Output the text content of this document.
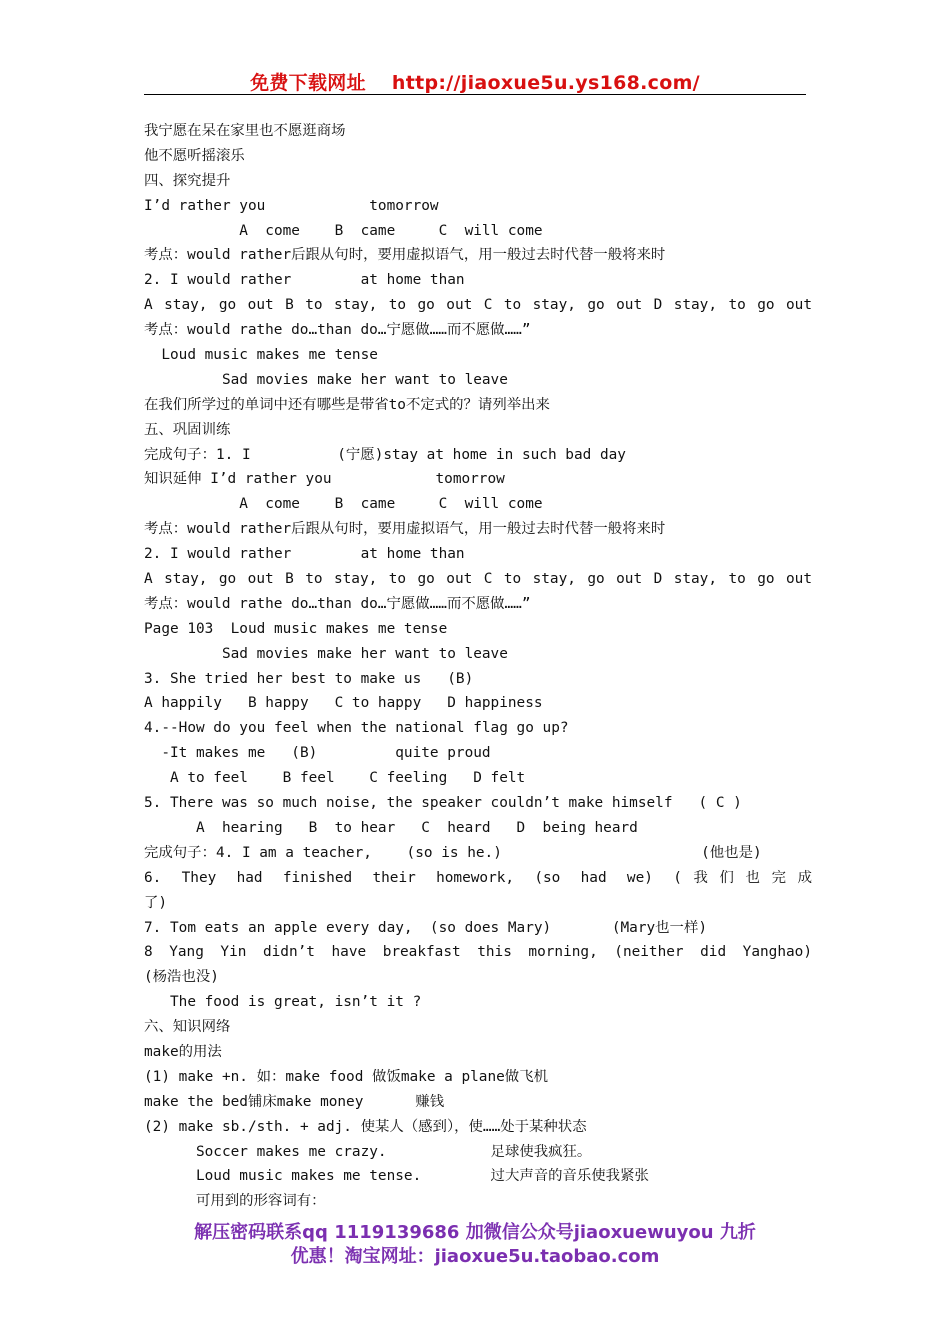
免费下载网址 http://jiaoxue5u.ys168.com/
我宁愿在呆在家里也不愿逛商场
他不愿听摇滚乐
四、探究提升
I’d rather you            tomorrow
A  come    B  came     C  will come
考点：would rather后跟从句时，要用虚拟语气，用一般过去时代替一般将来时
2. I would rather        at home than
A stay, go out B to stay, to go out C to stay, go out D stay, to go out
考点：would rathe do…than do…宁愿做……而不愿做……”
Loud music makes me tense
Sad movies make her want to leave
在我们所学过的单词中还有哪些是带省to不定式的？请列举出来
五、巩固训练
完成句子：1. I          (宁愿)stay at home in such bad day
知识延伸 I’d rather you            tomorrow
A  come    B  came     C  will come
考点：would rather后跟从句时，要用虚拟语气，用一般过去时代替一般将来时
2. I would rather        at home than
A stay, go out B to stay, to go out C to stay, go out D stay, to go out
考点：would rathe do…than do…宁愿做……而不愿做……”
Page 103  Loud music makes me tense
Sad movies make her want to leave
3. She tried her best to make us   (B)
A happily   B happy   C to happy   D happiness
4.--How do you feel when the national flag go up?
-It makes me   (B)         quite proud
A to feel    B feel    C feeling   D felt
5. There was so much noise, the speaker couldn’t make himself   ( C )
A  hearing   B  to hear   C  heard   D  being heard
完成句子：4. I am a teacher,    (so is he.)                       (他也是)
6. They had finished their homework, (so had we) (我们也完成
了)
7. Tom eats an apple every day,  (so does Mary)       (Mary也一样)
8 Yang Yin didn’t have breakfast this morning, (neither did Yanghao)
(杨浩也没)
The food is great, isn’t it ?
六、知识网络
make的用法
(1) make +n. 如：make food 做饭make a plane做飞机
make the bed铺床make money      赚钱
(2) make sb./sth. + adj. 使某人（感到），使……处于某种状态
Soccer makes me crazy.            足球使我疯狂。
Loud music makes me tense.        过大声音的音乐使我紧张
可用到的形容词有：
解压密码联系qq 1119139686 加微信公众号jiaoxuewuyou 九折
优惠！淘宝网址：jiaoxue5u.taobao.com
